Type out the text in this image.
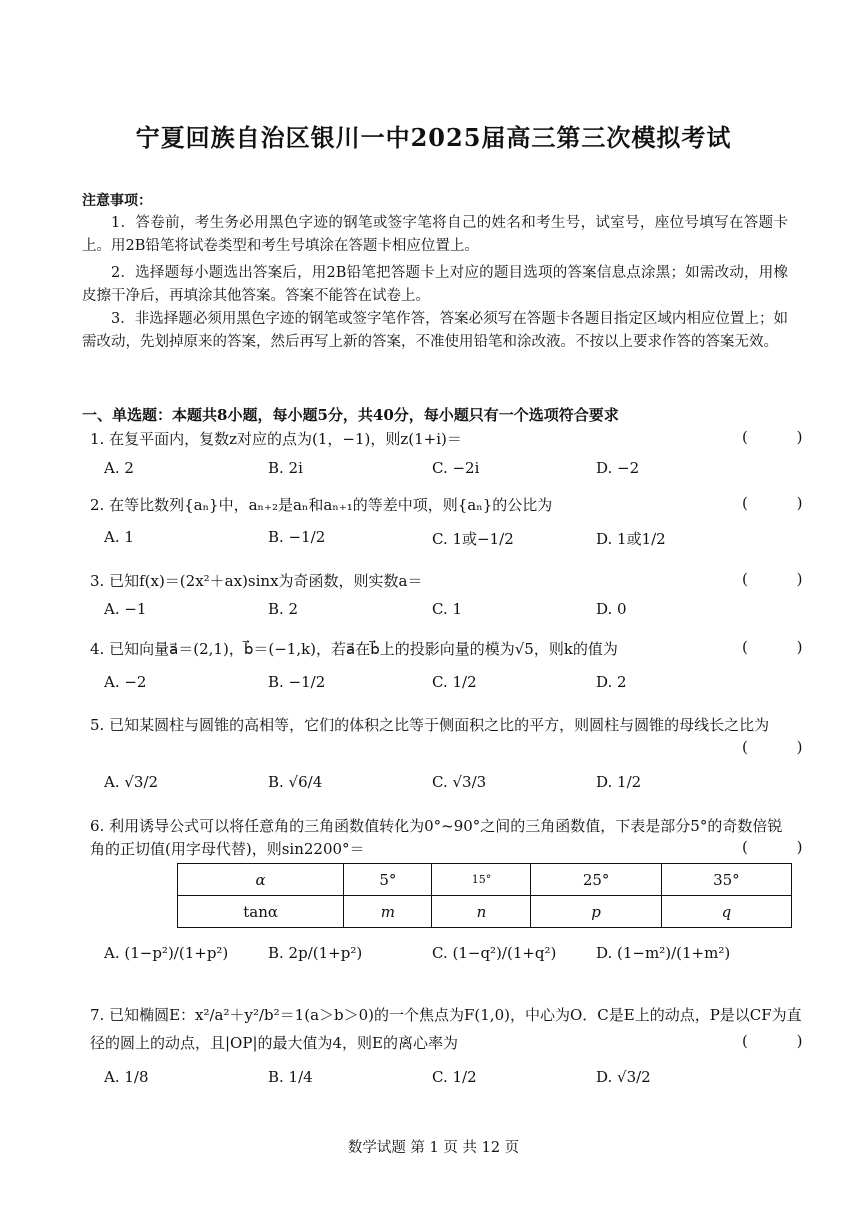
宁夏回族自治区银川一中2025届高三第三次模拟考试
注意事项：
1．答卷前，考生务必用黑色字迹的钢笔或签字笔将自己的姓名和考生号，试室号，座位号填写在答题卡上。用2B铅笔将试卷类型和考生号填涂在答题卡相应位置上。
2．选择题每小题选出答案后，用2B铅笔把答题卡上对应的题目选项的答案信息点涂黑；如需改动，用橡皮擦干净后，再填涂其他答案。答案不能答在试卷上。
3．非选择题必须用黑色字迹的钢笔或签字笔作答，答案必须写在答题卡各题目指定区域内相应位置上；如需改动，先划掉原来的答案，然后再写上新的答案，不准使用铅笔和涂改液。不按以上要求作答的答案无效。
一、单选题：本题共8小题，每小题5分，共40分，每小题只有一个选项符合要求
1. 在复平面内，复数z对应的点为(1，−1)，则z(1+i)＝	( )
A. 2	B. 2i	C. −2i	D. −2
2. 在等比数列{aₙ}中，aₙ₊₂是aₙ和aₙ₊₁的等差中项，则{aₙ}的公比为	( )
A. 1	B. −1/2	C. 1或−1/2	D. 1或1/2
3. 已知f(x)＝(2x²＋ax)sinx为奇函数，则实数a＝	( )
A. −1	B. 2	C. 1	D. 0
4. 已知向量a⃗＝(2,1)，b⃗＝(−1,k)，若a⃗在b⃗上的投影向量的模为√5，则k的值为	( )
A. −2	B. −1/2	C. 1/2	D. 2
5. 已知某圆柱与圆锥的高相等，它们的体积之比等于侧面积之比的平方，则圆柱与圆锥的母线长之比为
( )
A. √3/2	B. √6/4	C. √3/3	D. 1/2
6. 利用诱导公式可以将任意角的三角函数值转化为0°~90°之间的三角函数值，下表是部分5°的奇数倍锐
角的正切值(用字母代替)，则sin2200°＝	( )
α	5°	15°	25°	35°
tanα	m	n	p	q
A. (1−p²)/(1+p²)	B. 2p/(1+p²)	C. (1−q²)/(1+q²)	D. (1−m²)/(1+m²)
7. 已知椭圆E：x²/a²＋y²/b²＝1(a＞b＞0)的一个焦点为F(1,0)，中心为O．C是E上的动点，P是以CF为直
径的圆上的动点，且|OP|的最大值为4，则E的离心率为	( )
A. 1/8	B. 1/4	C. 1/2	D. √3/2
数学试题 第 1 页 共 12 页
